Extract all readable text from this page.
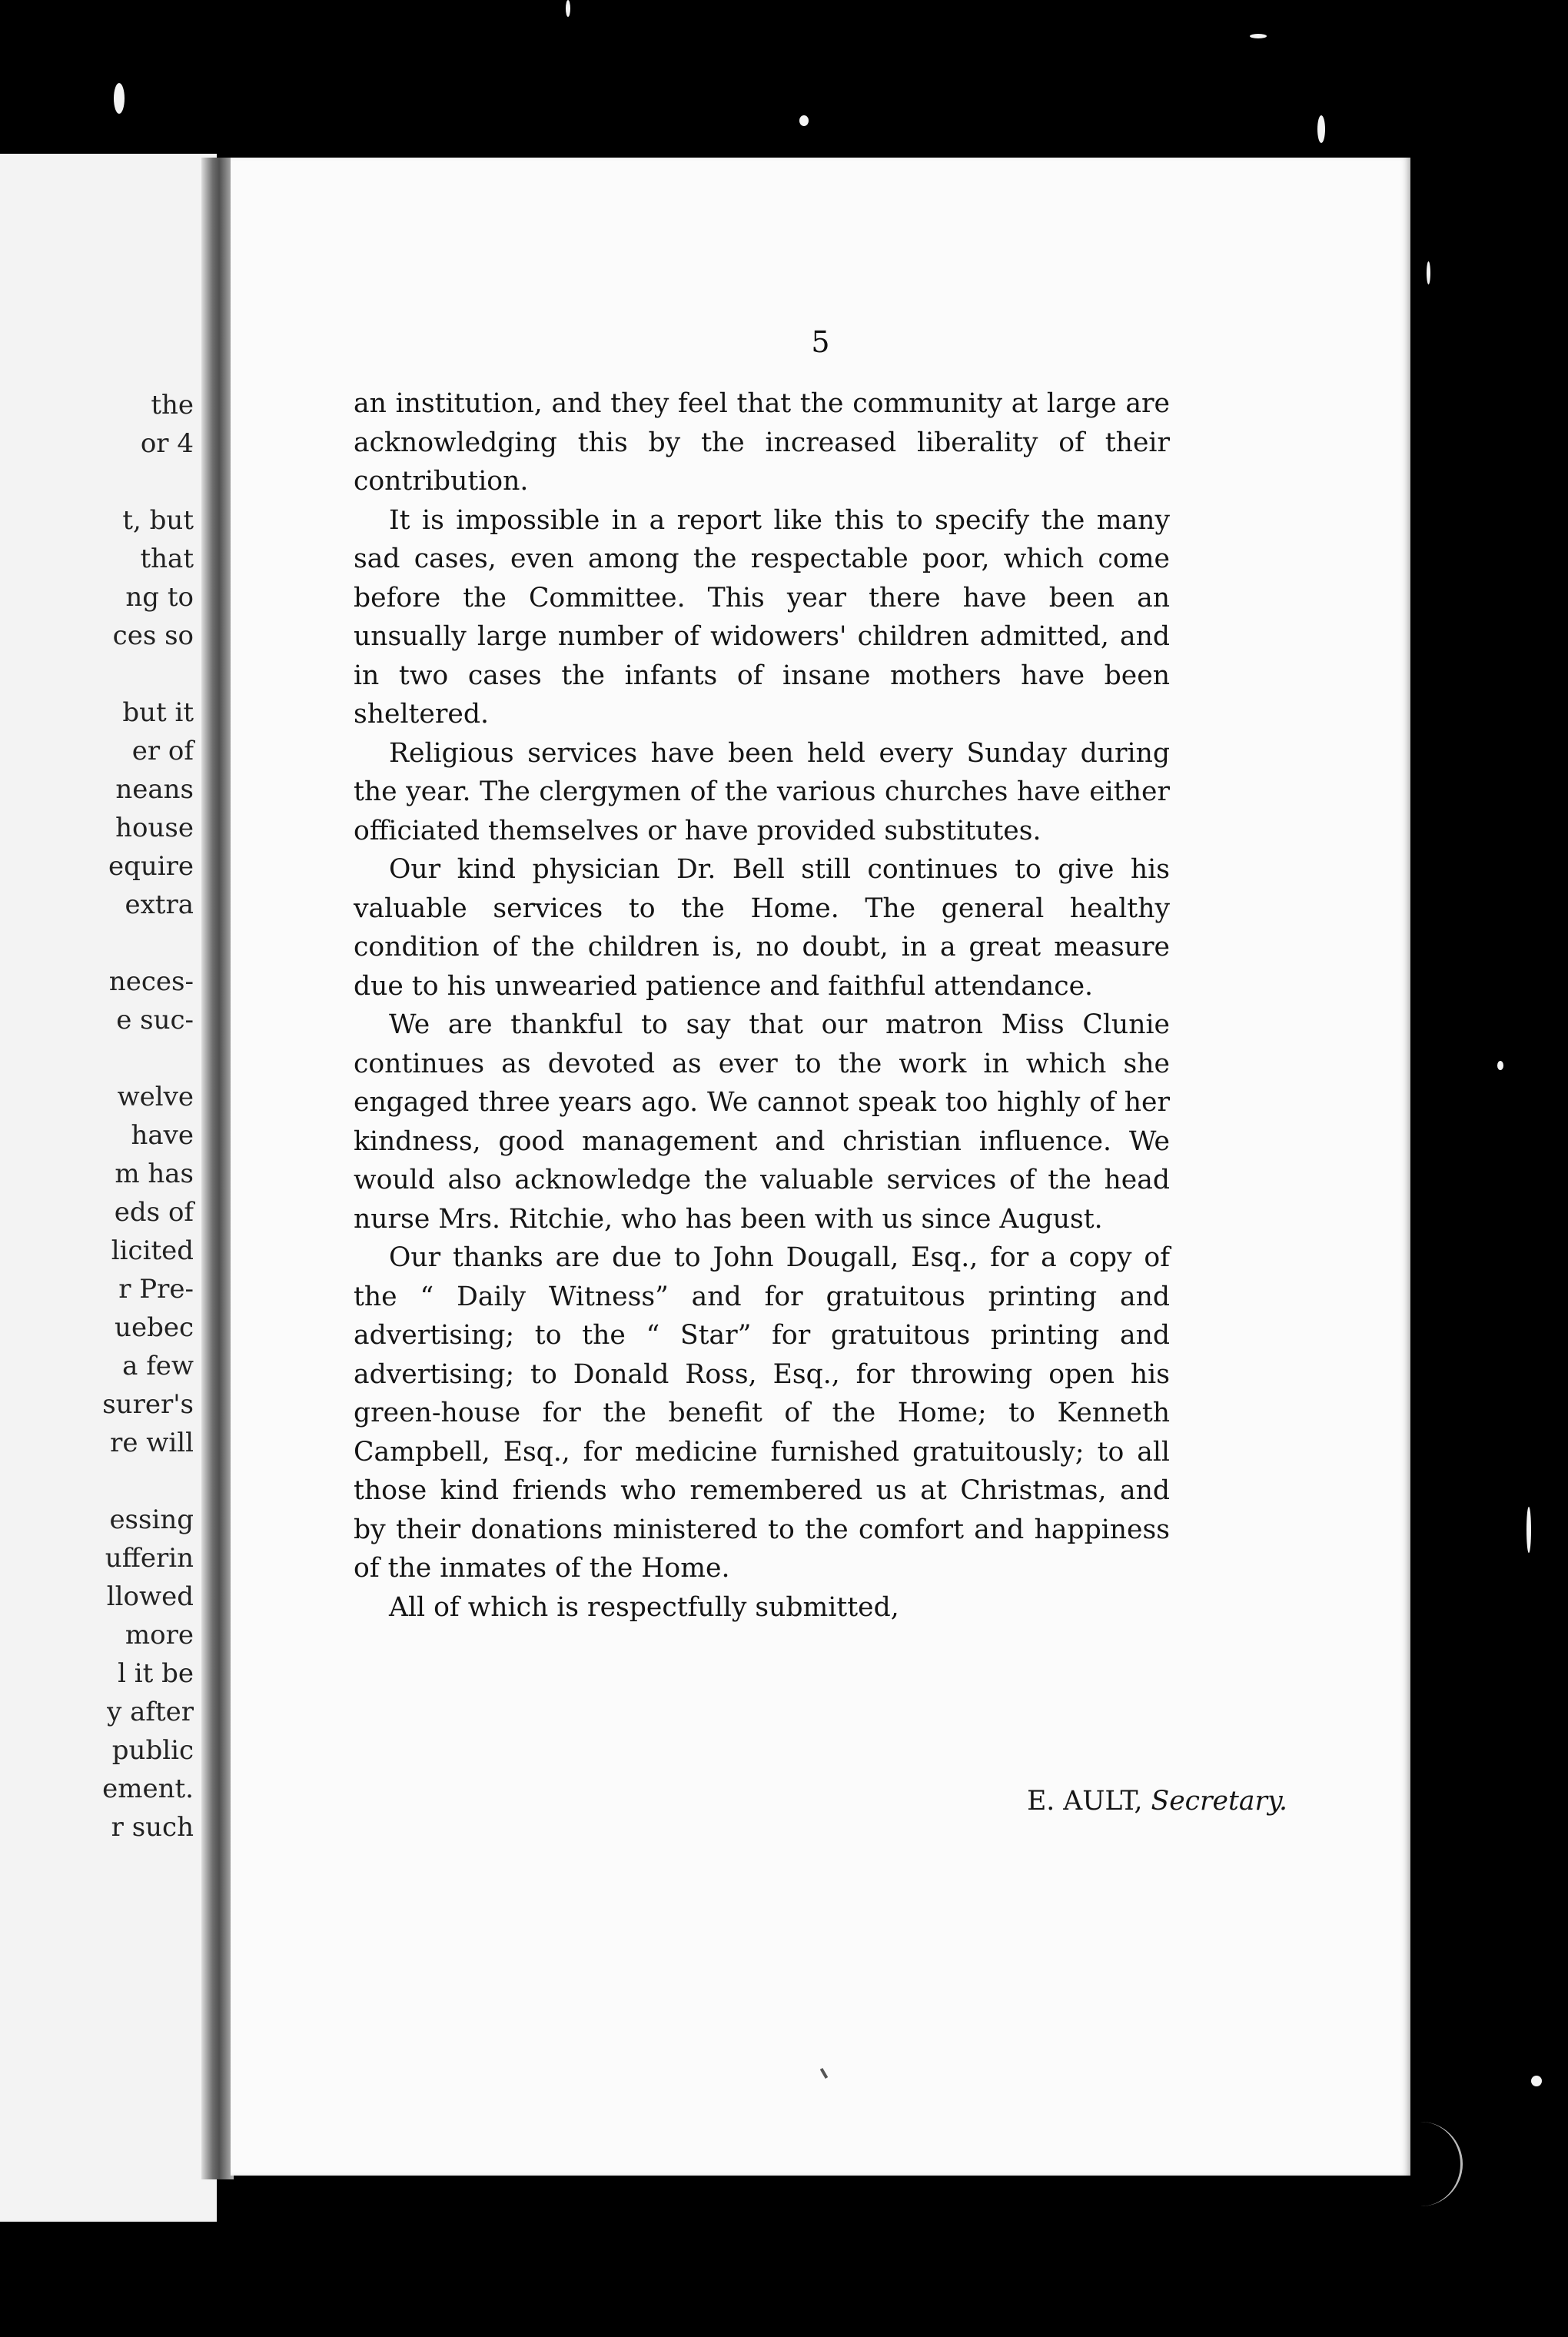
the
or 4
t, but
that
ng to
ces so
but it
er of
neans
house
equire
extra
neces-
e suc-
welve
have
m has
eds of
licited
r Pre-
uebec
a few
surer's
re will
essing
ufferin
llowed
more
l it be
y after
public
ement.
r such
5

an institution, and they feel that the community at large are acknowledging this by the increased liberality of their contribution.

It is impossible in a report like this to specify the many sad cases, even among the respectable poor, which come before the Committee. This year there have been an unsually large number of widowers' children admitted, and in two cases the infants of insane mothers have been sheltered.

Religious services have been held every Sunday during the year. The clergymen of the various churches have either officiated themselves or have provided substitutes.

Our kind physician Dr. Bell still continues to give his valuable services to the Home. The general healthy condition of the children is, no doubt, in a great measure due to his unwearied patience and faithful attendance.

We are thankful to say that our matron Miss Clunie continues as devoted as ever to the work in which she engaged three years ago. We cannot speak too highly of her kindness, good management and christian influence. We would also acknowledge the valuable services of the head nurse Mrs. Ritchie, who has been with us since August.

Our thanks are due to John Dougall, Esq., for a copy of the “ Daily Witness” and for gratuitous printing and advertising; to the “ Star” for gratuitous printing and advertising; to Donald Ross, Esq., for throwing open his green-house for the benefit of the Home; to Kenneth Campbell, Esq., for medicine furnished gratuitously; to all those kind friends who remembered us at Christmas, and by their donations ministered to the comfort and happiness of the inmates of the Home.

All of which is respectfully submitted,

E. AULT, Secretary.
